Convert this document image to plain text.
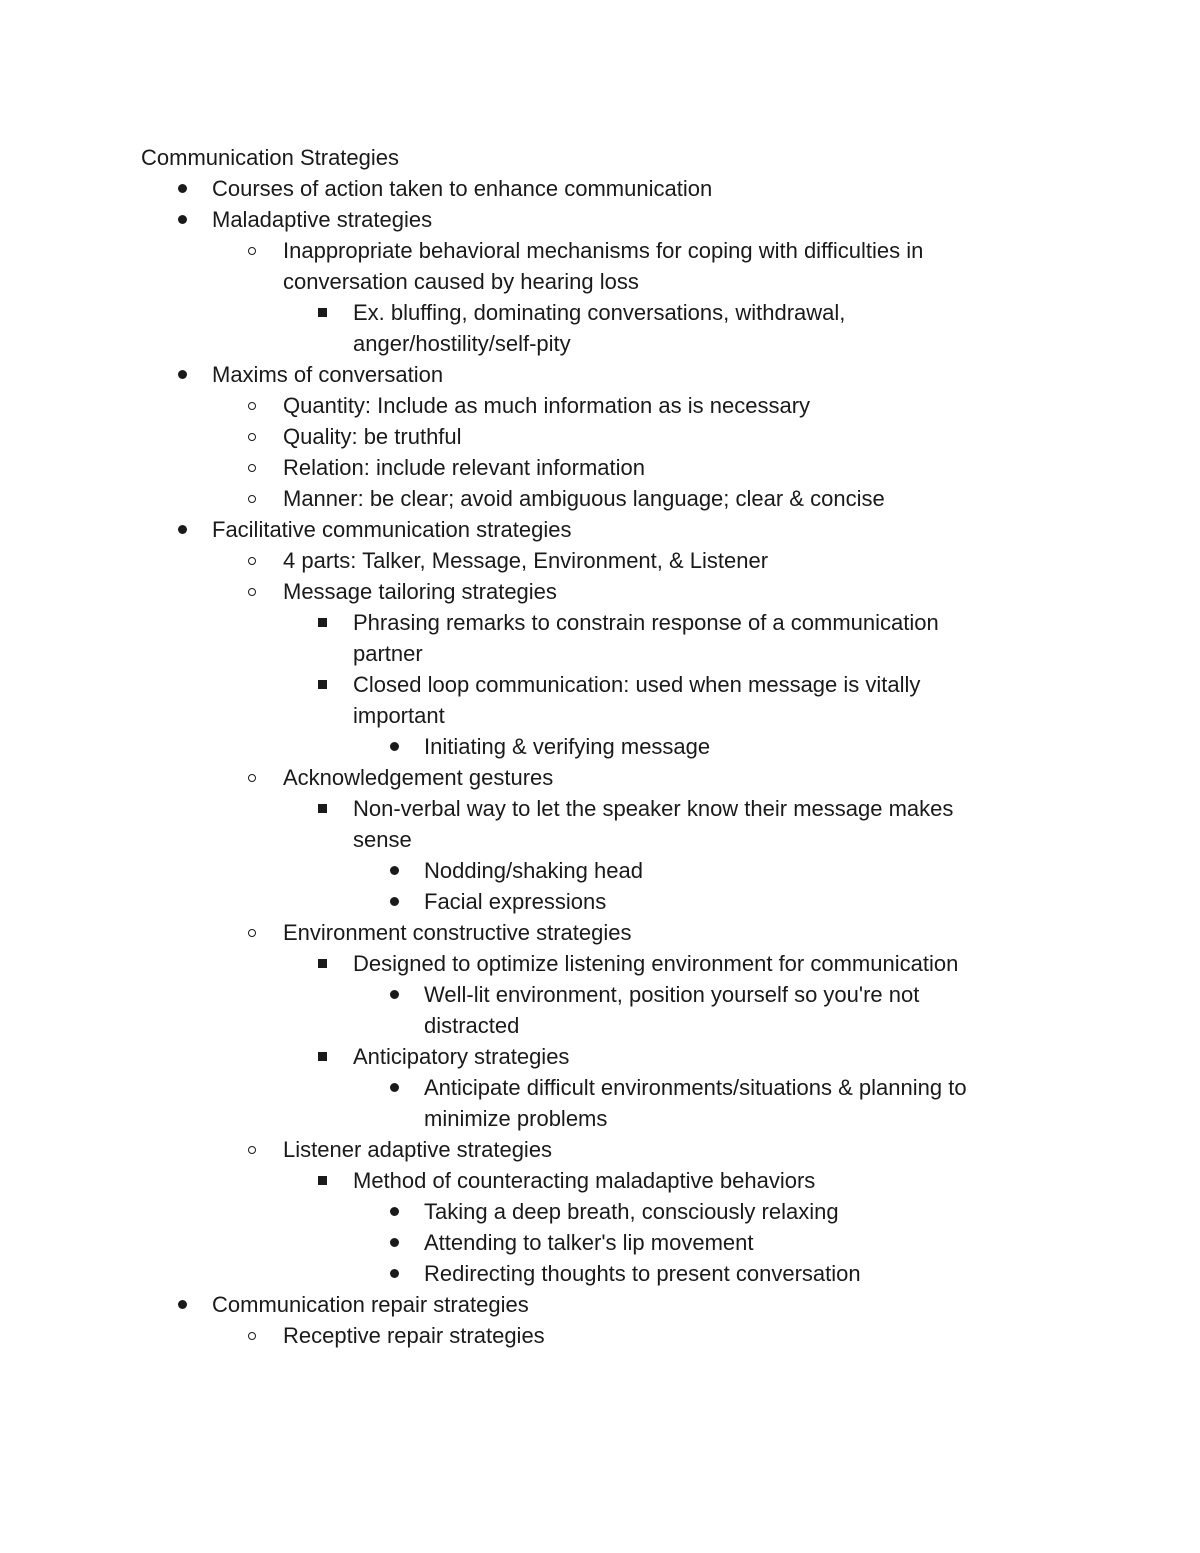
Communication Strategies
Courses of action taken to enhance communication
Maladaptive strategies
Inappropriate behavioral mechanisms for coping with difficulties in conversation caused by hearing loss
Ex. bluffing, dominating conversations, withdrawal, anger/hostility/self-pity
Maxims of conversation
Quantity: Include as much information as is necessary
Quality: be truthful
Relation: include relevant information
Manner: be clear; avoid ambiguous language; clear & concise
Facilitative communication strategies
4 parts: Talker, Message, Environment, & Listener
Message tailoring strategies
Phrasing remarks to constrain response of a communication partner
Closed loop communication: used when message is vitally important
Initiating & verifying message
Acknowledgement gestures
Non-verbal way to let the speaker know their message makes sense
Nodding/shaking head
Facial expressions
Environment constructive strategies
Designed to optimize listening environment for communication
Well-lit environment, position yourself so you're not distracted
Anticipatory strategies
Anticipate difficult environments/situations & planning to minimize problems
Listener adaptive strategies
Method of counteracting maladaptive behaviors
Taking a deep breath, consciously relaxing
Attending to talker's lip movement
Redirecting thoughts to present conversation
Communication repair strategies
Receptive repair strategies
